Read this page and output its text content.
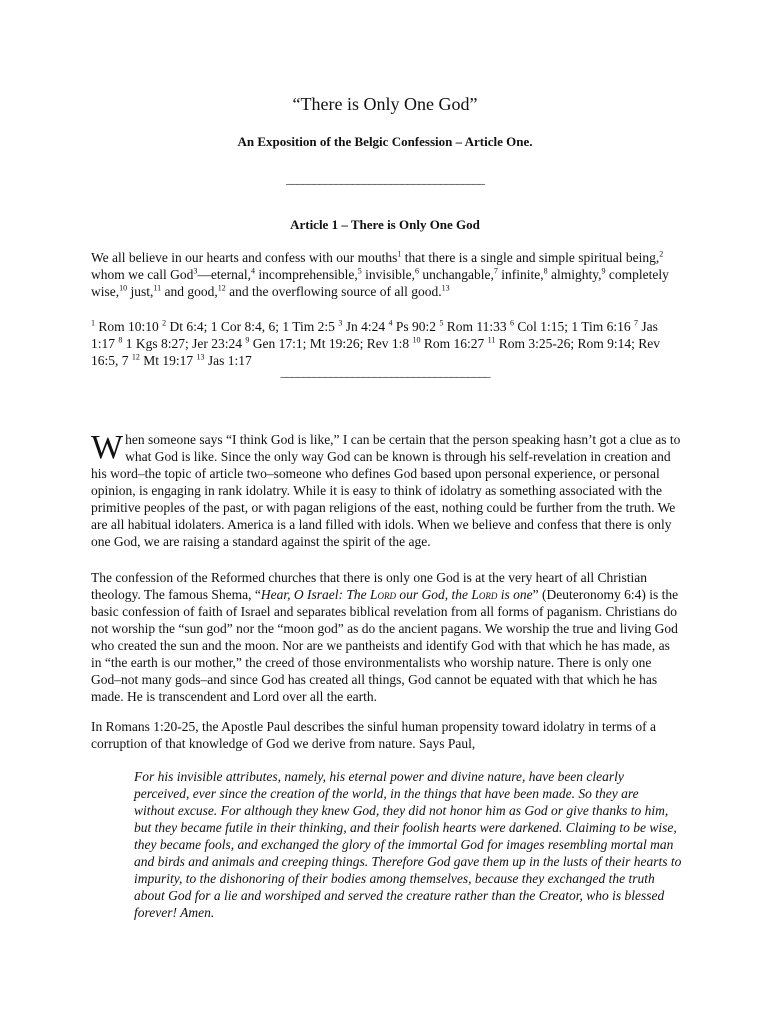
“There is Only One God”
An Exposition of the Belgic Confession – Article One.
____________________________________
Article 1 – There is Only One God

We all believe in our hearts and confess with our mouths$^1$ that there is a single and simple spiritual being,$^2$ whom we call God$^3$—eternal,$^4$ incomprehensible,$^5$ invisible,$^6$ unchangable,$^7$ infinite,$^8$ almighty,$^9$ completely wise,$^{10}$ just,$^{11}$ and good,$^{12}$ and the overflowing source of all good.$^{13}$

$^1$ Rom 10:10 $^2$ Dt 6:4; 1 Cor 8:4, 6; 1 Tim 2:5 $^3$ Jn 4:24 $^4$ Ps 90:2 $^5$ Rom 11:33 $^6$ Col 1:15; 1 Tim 6:16 $^7$ Jas 1:17 $^8$ 1 Kgs 8:27; Jer 23:24 $^9$ Gen 17:1; Mt 19:26; Rev 1:8 $^{10}$ Rom 16:27 $^{11}$ Rom 3:25-26; Rom 9:14; Rev 16:5, 7 $^{12}$ Mt 19:17 $^{13}$ Jas 1:17

______________________________________

When someone says “I think God is like,” I can be certain that the person speaking hasn’t got a clue as to what God is like. Since the only way God can be known is through his self-revelation in creation and his word–the topic of article two–someone who defines God based upon personal experience, or personal opinion, is engaging in rank idolatry. While it is easy to think of idolatry as something associated with the primitive peoples of the past, or with pagan religions of the east, nothing could be further from the truth. We are all habitual idolaters. America is a land filled with idols. When we believe and confess that there is only one God, we are raising a standard against the spirit of the age.

The confession of the Reformed churches that there is only one God is at the very heart of all Christian theology. The famous Shema, “Hear, O Israel: The Lord our God, the Lord is one” (Deuteronomy 6:4) is the basic confession of faith of Israel and separates biblical revelation from all forms of paganism. Christians do not worship the “sun god” nor the “moon god” as do the ancient pagans. We worship the true and living God who created the sun and the moon. Nor are we pantheists and identify God with that which he has made, as in “the earth is our mother,” the creed of those environmentalists who worship nature. There is only one God–not many gods–and since God has created all things, God cannot be equated with that which he has made. He is transcendent and Lord over all the earth.

In Romans 1:20-25, the Apostle Paul describes the sinful human propensity toward idolatry in terms of a corruption of that knowledge of God we derive from nature. Says Paul,

For his invisible attributes, namely, his eternal power and divine nature, have been clearly perceived, ever since the creation of the world, in the things that have been made. So they are without excuse. For although they knew God, they did not honor him as God or give thanks to him, but they became futile in their thinking, and their foolish hearts were darkened. Claiming to be wise, they became fools, and exchanged the glory of the immortal God for images resembling mortal man and birds and animals and creeping things. Therefore God gave them up in the lusts of their hearts to impurity, to the dishonoring of their bodies among themselves, because they exchanged the truth about God for a lie and worshiped and served the creature rather than the Creator, who is blessed forever! Amen.
